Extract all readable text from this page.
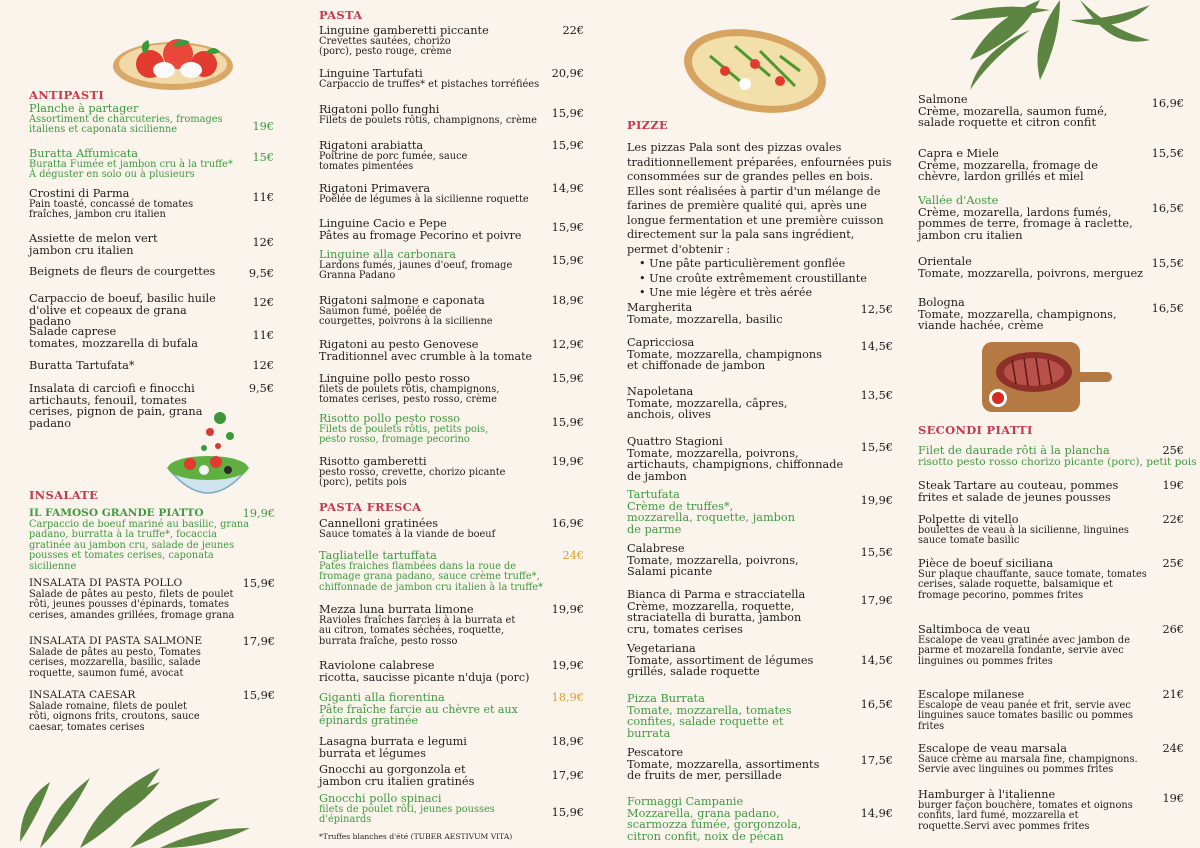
ANTIPASTI
Planche à partager
Assortiment de charcuteries, fromages italiens et caponata sicilienne	19€
Buratta Affumicata
Buratta Fumée et jambon cru à la truffe* À déguster en solo ou à plusieurs
15€
Crostini di Parma
Pain toasté, concassé de tomates fraîches, jambon cru italien
11€
Assiette de melon vert jambon cru italien
12€
Beignets de fleurs de courgettes	9,5€
Carpaccio de boeuf, basilic huile d'olive et copeaux de grana padano
12€
Salade caprese
tomates, mozzarella di bufala
11€
Buratta Tartufata*	12€
Insalata di carciofi e finocchi artichauts, fenouil, tomates cerises, pignon de pain, grana padano
9,5€
INSALATE
IL FAMOSO GRANDE PIATTO
Carpaccio de boeuf mariné au basilic, grana padano, burratta à la truffe*, focaccia gratinée au jambon cru, salade de jeunes pousses et tomates cerises, caponata sicilienne
19,9€
INSALATA DI PASTA POLLO
Salade de pâtes au pesto, filets de poulet rôti, jeunes pousses d'épinards, tomates cerises, amandes grillées, fromage grana
15,9€
INSALATA DI PASTA SALMONE
Salade de pâtes au pesto, Tomates cerises, mozzarella, basilic, salade roquette, saumon fumé, avocat
17,9€
INSALATA CAESAR
Salade romaine, filets de poulet rôti, oignons frits, croutons, sauce caesar, tomates cerises
15,9€
PASTA
Linguine gamberetti piccante
Crevettes sautées, chorizo (porc), pesto rouge, crème
22€
Linguine Tartufati
Carpaccio de truffes* et pistaches torréfiées
20,9€
Rigatoni pollo funghi
Filets de poulets rôtis, champignons, crème
15,9€
Rigatoni arabiatta
Poitrine de porc fumée, sauce tomates pimentées
15,9€
Rigatoni Primavera
Poêlée de légumes à la sicilienne roquette
14,9€
Linguine Cacio e Pepe
Pâtes au fromage Pecorino et poivre
15,9€
Linguine alla carbonara
Lardons fumés, jaunes d'oeuf, fromage Granna Padano
15,9€
Rigatoni salmone e caponata
Saumon fumé, poêlée de courgettes, poivrons à la sicilienne
18,9€
Rigatoni au pesto Genovese
Traditionnel avec crumble à la tomate
12,9€
Linguine pollo pesto rosso
filets de poulets rôtis, champignons, tomates cerises, pesto rosso, crème
15,9€
Risotto pollo pesto rosso
Filets de poulets rôtis, petits pois, pesto rosso, fromage pecorino
15,9€
Risotto gamberetti
pesto rosso, crevette, chorizo picante (porc), petits pois
19,9€
PASTA FRESCA
Cannelloni gratinées
Sauce tomates à la viande de boeuf
16,9€
Tagliatelle tartuffata
Pates fraiches flambées dans la roue de fromage grana padano, sauce crème truffe*, chiffonnade de jambon cru italien à la truffe*
24€
Mezza luna burrata limone
Ravioles fraîches farcies à la burrata et au citron, tomates séchées, roquette, burrata fraîche, pesto rosso
19,9€
Raviolone calabrese
ricotta, saucisse picante n'duja (porc)
19,9€
Giganti alla fiorentina
Pâte fraîche farcie au chèvre et aux épinards gratinée
18,9€
Lasagna burrata e legumi
burrata et légumes
18,9€
Gnocchi au gorgonzola et jambon cru italien gratinés	17,9€
Gnocchi pollo spinaci
filets de poulet rôti, jeunes pousses d'épinards
15,9€
*Truffes blanches d'été (TUBER AESTIVUM VITA)
PIZZE
Les pizzas Pala sont des pizzas ovales traditionnellement préparées, enfournées puis consommées sur de grandes pelles en bois.
Elles sont réalisées à partir d'un mélange de farines de première qualité qui, après une longue fermentation et une première cuisson directement sur la pala sans ingrédient, permet d'obtenir :
• Une pâte particulièrement gonflée
• Une croûte extrêmement croustillante
• Une mie légère et très aérée
Margherita
Tomate, mozzarella, basilic
12,5€
Capricciosa
Tomate, mozzarella, champignons et chiffonade de jambon
14,5€
Napoletana
Tomate, mozzarella, câpres, anchois, olives
13,5€
Quattro Stagioni
Tomate, mozzarella, poivrons, artichauts, champignons, chiffonnade de jambon
15,5€
Tartufata
Crème de truffes*, mozzarella, roquette, jambon de parme
19,9€
Calabrese
Tomate, mozzarella, poivrons, Salami picante
15,5€
Bianca di Parma e stracciatella
Crème, mozzarella, roquette, straciatella di buratta, jambon cru, tomates cerises
17,9€
Vegetariana
Tomate, assortiment de légumes grillés, salade roquette
14,5€
Pizza Burrata
Tomate, mozzarella, tomates confites, salade roquette et burrata
16,5€
Pescatore
Tomate, mozzarella, assortiments de fruits de mer, persillade
17,5€
Formaggi Campanie
Mozzarella, grana padano, scarmozza fumée, gorgonzola, citron confit, noix de pécan
14,9€
Salmone
Crème, mozarella, saumon fumé, salade roquette et citron confit
16,9€
Capra e Miele
Crème, mozzarella, fromage de chèvre, lardon grillés et miel
15,5€
Vallée d'Aoste
Crème, mozarella, lardons fumés, pommes de terre, fromage à raclette, jambon cru italien
16,5€
Orientale
Tomate, mozzarella, poivrons, merguez
15,5€
Bologna
Tomate, mozzarella, champignons, viande hachée, crème
16,5€
SECONDI PIATTI
Filet de daurade rôti à la plancha
risotto pesto rosso chorizo picante (porc), petit pois
25€
Steak Tartare au couteau, pommes frites et salade de jeunes pousses
19€
Polpette di vitello
boulettes de veau à la sicilienne, linguines sauce tomate basilic
22€
Pièce de boeuf siciliana
Sur plaque chauffante, sauce tomate, tomates cerises, salade roquette, balsamique et fromage pecorino, pommes frites
25€
Saltimboca de veau
Escalope de veau gratinée avec jambon de parme et mozarella fondante, servie avec linguines ou pommes frites
26€
Escalope milanese
Escalope de veau panée et frit, servie avec linguines sauce tomates basilic ou pommes frites
21€
Escalope de veau marsala
Sauce crème au marsala fine, champignons. Servie avec linguines ou pommes frites
24€
Hamburger à l'italienne
burger façon bouchère, tomates et oignons confits, lard fumé, mozzarella et roquette.Servi avec pommes frites
19€
